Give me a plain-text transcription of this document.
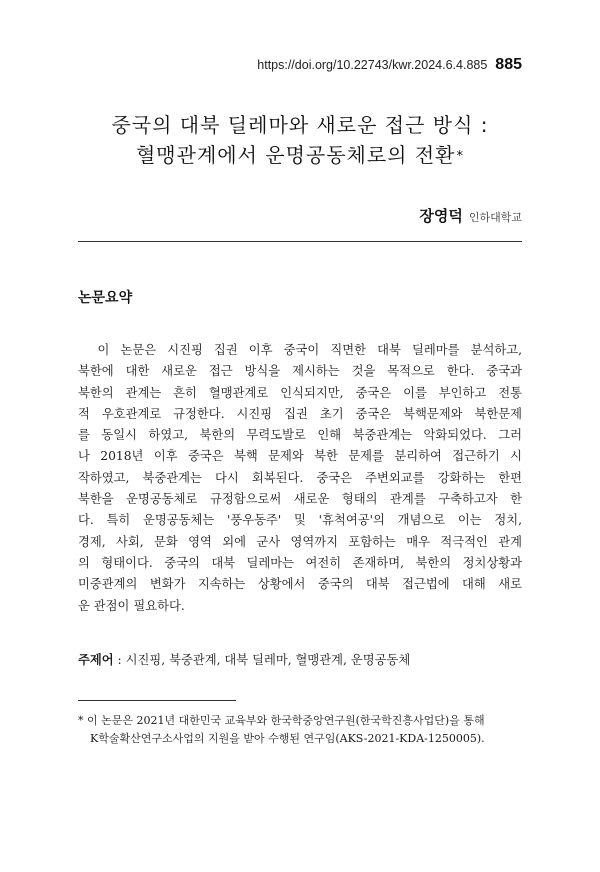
https://doi.org/10.22743/kwr.2024.6.4.885 885
중국의 대북 딜레마와 새로운 접근 방식 :
혈맹관계에서 운명공동체로의 전환*
장영덕 인하대학교
논문요약
　이 논문은 시진핑 집권 이후 중국이 직면한 대북 딜레마를 분석하고,
북한에 대한 새로운 접근 방식을 제시하는 것을 목적으로 한다. 중국과
북한의 관계는 흔히 혈맹관계로 인식되지만, 중국은 이를 부인하고 전통
적 우호관계로 규정한다. 시진핑 집권 초기 중국은 북핵문제와 북한문제
를 동일시 하였고, 북한의 무력도발로 인해 북중관계는 악화되었다. 그러
나 2018년 이후 중국은 북핵 문제와 북한 문제를 분리하여 접근하기 시
작하였고, 북중관계는 다시 회복된다. 중국은 주변외교를 강화하는 한편
북한을 운명공동체로 규정함으로써 새로운 형태의 관계를 구축하고자 한
다. 특히 운명공동체는 '풍우동주' 및 '휴척여공'의 개념으로 이는 정치,
경제, 사회, 문화 영역 외에 군사 영역까지 포함하는 매우 적극적인 관계
의 형태이다. 중국의 대북 딜레마는 여전히 존재하며, 북한의 정치상황과
미중관계의 변화가 지속하는 상황에서 중국의 대북 접근법에 대해 새로
운 관점이 필요하다.
주제어 : 시진핑, 북중관계, 대북 딜레마, 혈맹관계, 운명공동체
* 이 논문은 2021년 대한민국 교육부와 한국학중앙연구원(한국학진흥사업단)을 통해
K학술확산연구소사업의 지원을 받아 수행된 연구임(AKS-2021-KDA-1250005).
